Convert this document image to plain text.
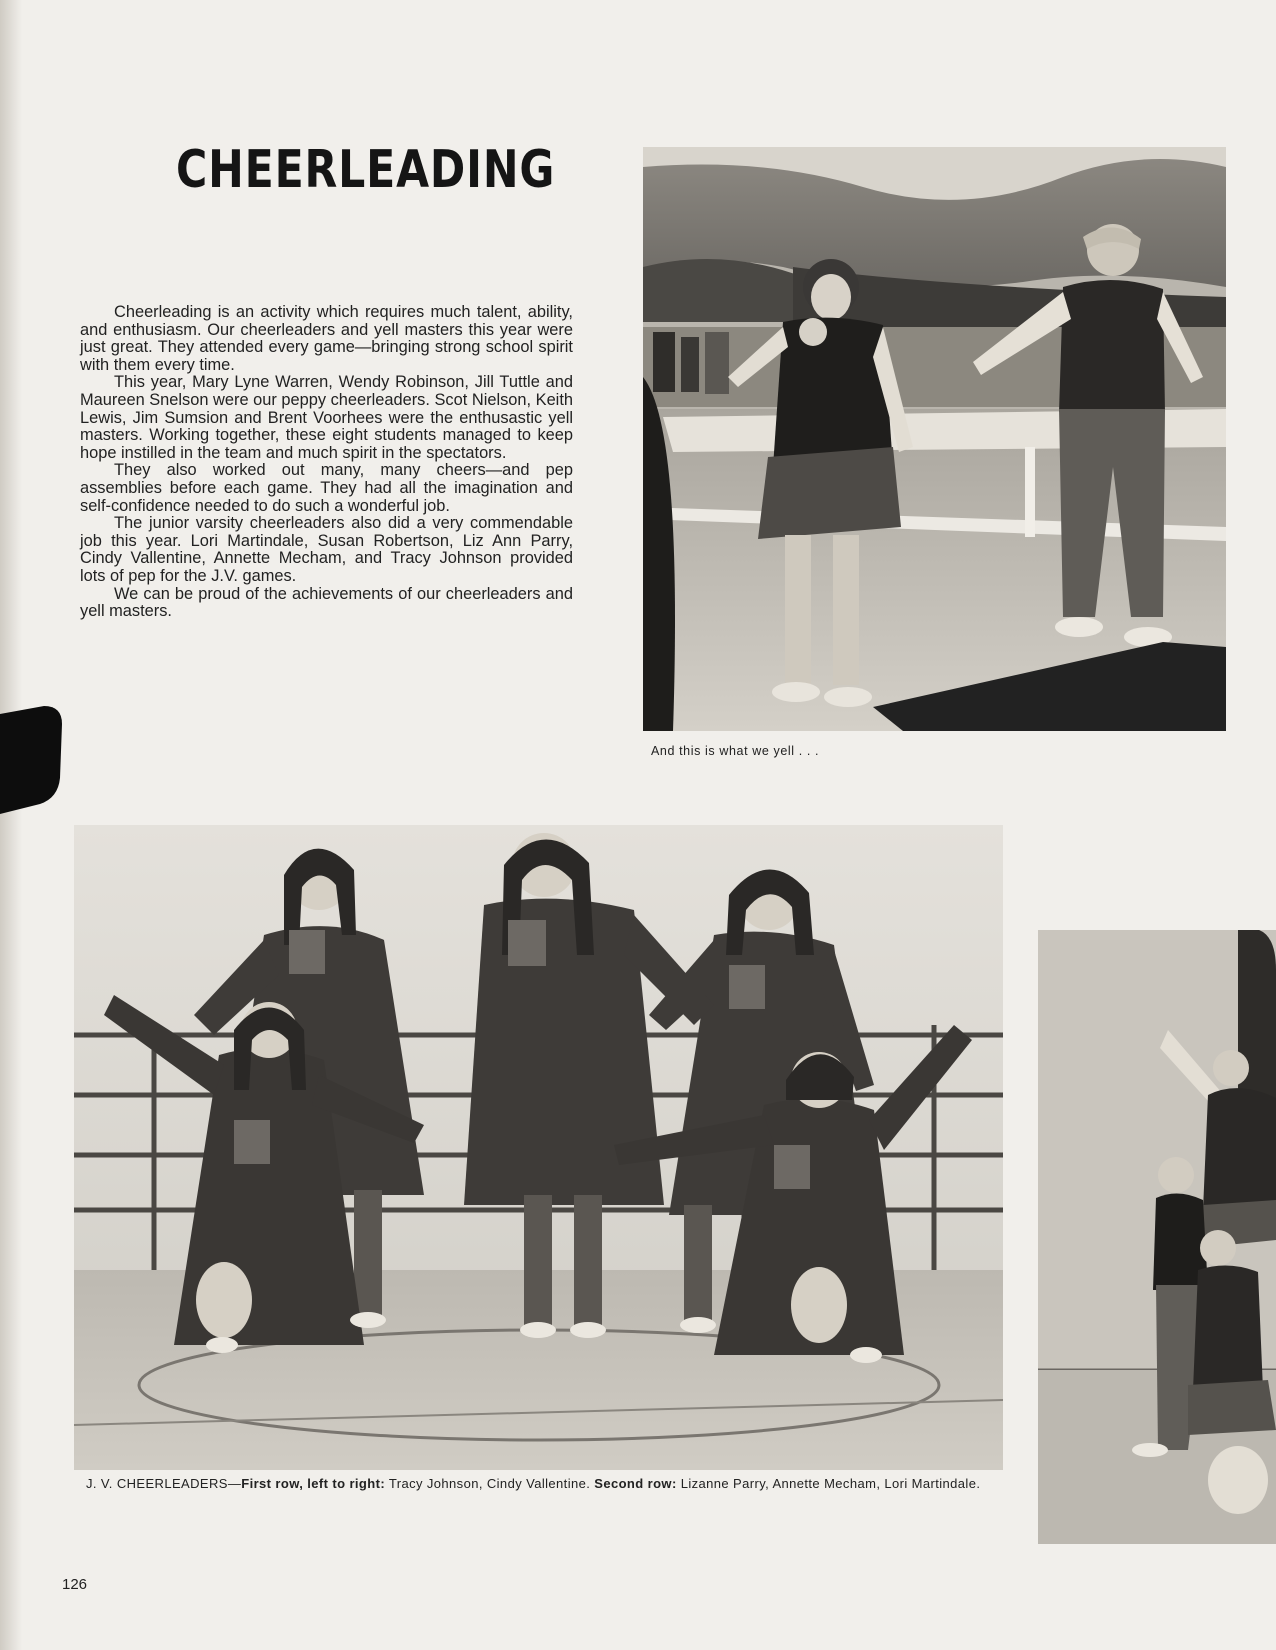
CHEERLEADING

Cheerleading is an activity which requires much talent, ability, and enthusiasm. Our cheerleaders and yell masters this year were just great. They attended every game—bringing strong school spirit with them every time.

This year, Mary Lyne Warren, Wendy Robinson, Jill Tuttle and Maureen Snelson were our peppy cheerleaders. Scot Nielson, Keith Lewis, Jim Sumsion and Brent Voorhees were the enthusastic yell masters. Working together, these eight students managed to keep hope instilled in the team and much spirit in the spectators.

They also worked out many, many cheers—and pep assemblies before each game. They had all the imagination and self-confidence needed to do such a wonderful job.

The junior varsity cheerleaders also did a very commendable job this year. Lori Martindale, Susan Robertson, Liz Ann Parry, Cindy Vallentine, Annette Mecham, and Tracy Johnson provided lots of pep for the J.V. games.

We can be proud of the achievements of our cheerleaders and yell masters.

And this is what we yell . . .
J. V. CHEERLEADERS—First row, left to right: Tracy Johnson, Cindy Vallentine. Second row: Lizanne Parry, Annette Mecham, Lori Martindale.
126
